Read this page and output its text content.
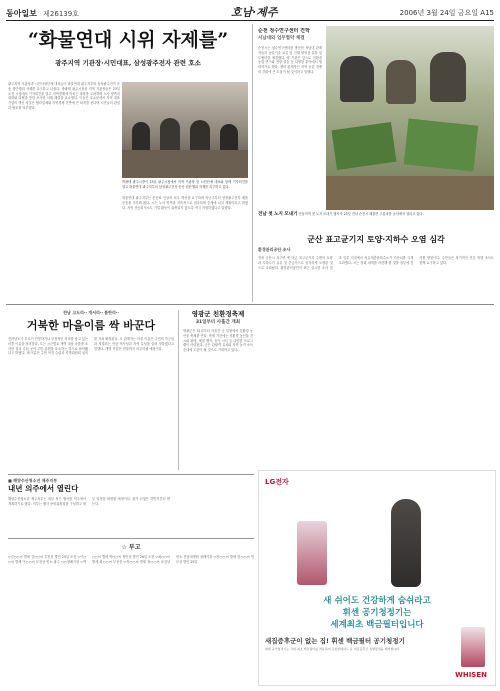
동아일보 제26139호	호남·제주	2006년 3월 24일 금요일 A15
“화물연대 시위 자제를”
광주지역 기관장·시민대표, 삼성광주전자 관련 호소
광주지역 기관장과 시민사회단체 대표들이 화물연대 광주지부의 삼성광주전자 운송 집단행위 자제를 촉구하고 나섰다. 박광태 광주시장과 지역 기관장들은 23일 오전 시청에서 기자회견을 열고 지역경제에 미치는 파장을 우려하며 노사 양측의 대화와 타협을 통한 조속한 사태 해결을 호소했다. 이들은 호소문에서 지역 대표 기업의 생산 차질은 협력업체와 지역경제 전반에 큰 타격을 준다며 시민들의 관심과 협조를 당부했다.
박광태 광주시장이 23일 광주시청에서 지역 기관장 및 시민단체 대표와 함께 기자회견을 열고 화물연대 광주지부의 삼성광주전자 운송 집단행위 자제를 촉구하고 있다.
화물연대 광주지부는 운송료 인상과 처우 개선을 요구하며 지난주부터 삼성광주전자 제품 운송을 거부해 왔다. 시는 노사 양측과 지속적으로 접촉하며 중재에 나설 계획이라고 밝혔다. 지역 상공회의소도 기업 활동이 위축되지 않도록 적극 지원하겠다고 말했다.
순천 청수연구센터 견학
서남대와 업무협약 체결
순천시는 청수연구센터를 방문한 서남대 관계자들과 농업기술 교류 및 인재 양성을 위한 업무협약을 체결했다. 양 기관은 앞으로 친환경 농업 연구와 현장 실습 등 다양한 분야에서 협력하기로 했다. 센터 관계자는 지역 농업 경쟁력 강화에 큰 도움이 될 것이라고 말했다.
전남 첫 노지 모내기 전남지역 첫 노지 모내기 행사가 23일 전남 순천시 해룡면 주룡마을 들녘에서 열리고 있다.
군산 표고균기지 토양·지하수 오염 심각
환경관리공단 조사
전북 군산시 옥구면 옛 미군 표고균기지 주변의 토양과 지하수가 유류 및 중금속으로 심각하게 오염된 것으로 나타났다. 환경관리공단이 최근 실시한 조사 결과 일부 지점에서 석유계총탄화수소가 기준치를 크게 초과했다. 시는 정화 대책을 마련해 줄 것을 정부에 건의할 방침이다. 주민들은 장기적인 건강 영향 조사도 함께 요구하고 있다.
전남 고도리·· 개서리·· 틈탄리··
거북한 마을이름 싹 바꾼다
전라남도가 부르기 민망하거나 부정적인 의미를 담고 있는 마을 이름을 정비한다. 도는 시군별로 개명 대상 마을을 조사한 결과 수십 곳이 주민 불편을 호소하는 것으로 파악됐다고 밝혔다. 새 이름은 주민 의견 수렴과 지명위원회 심의를 거쳐 확정된다. 도 관계자는 마을 이름은 주민의 자긍심과 직결되는 만큼 역사성과 지역 특성을 살려 정하겠다고 말했다. 개명 작업은 연말까지 마무리될 예정이다.
영광군 친환경축제
31일부터 사흘간 개최
영광군은 31일부터 사흘간 군 일원에서 친환경 농산물 축제를 연다. 축제 기간에는 친환경 농산물 전시와 판매, 체험 행사, 음식 시식 등 다양한 프로그램이 마련된다. 군은 관광객 유치와 지역 농가 소득 증대에 도움이 될 것으로 기대하고 있다.
■ 해양수산청소년 제주지부
내년 의주에서 열린다
해양수산청소년 제주지부는 내년 정기 행사를 의주에서 개최하기로 했다. 지부는 행사 준비위원회를 구성하고 세부 일정을 확정할 예정이다. 참가 신청은 하반기부터 받는다.
☆ 부고
▽김○○씨 별세 김○○씨 부친상 발인 25일 오전 ▽이○○씨 별세 이○○씨 모친상 빈소 광주 ○○장례식장 ▽박○○씨 별세 박○○씨 장인상 발인 26일 오전 ▽최○○씨 별세 최○○씨 부친상 ▽정○○씨 별세 정○○씨 모친상 빈소 전남대병원 장례식장 ▽한○○씨 별세 한○○씨 빙모상 발인 25일
LG전자
새 쉬어도 건강하게 숨쉬라고
휘센 공기청정기는
세계최초 백금필터입니다
새집증후군이 없는 집! 휘센 백금필터 공기청정기
휘센 공기청정기는 국내 최초 백금필터를 적용하여 포름알데히드 등 새집증후군 유발물질을 제거합니다.
WHISEN
